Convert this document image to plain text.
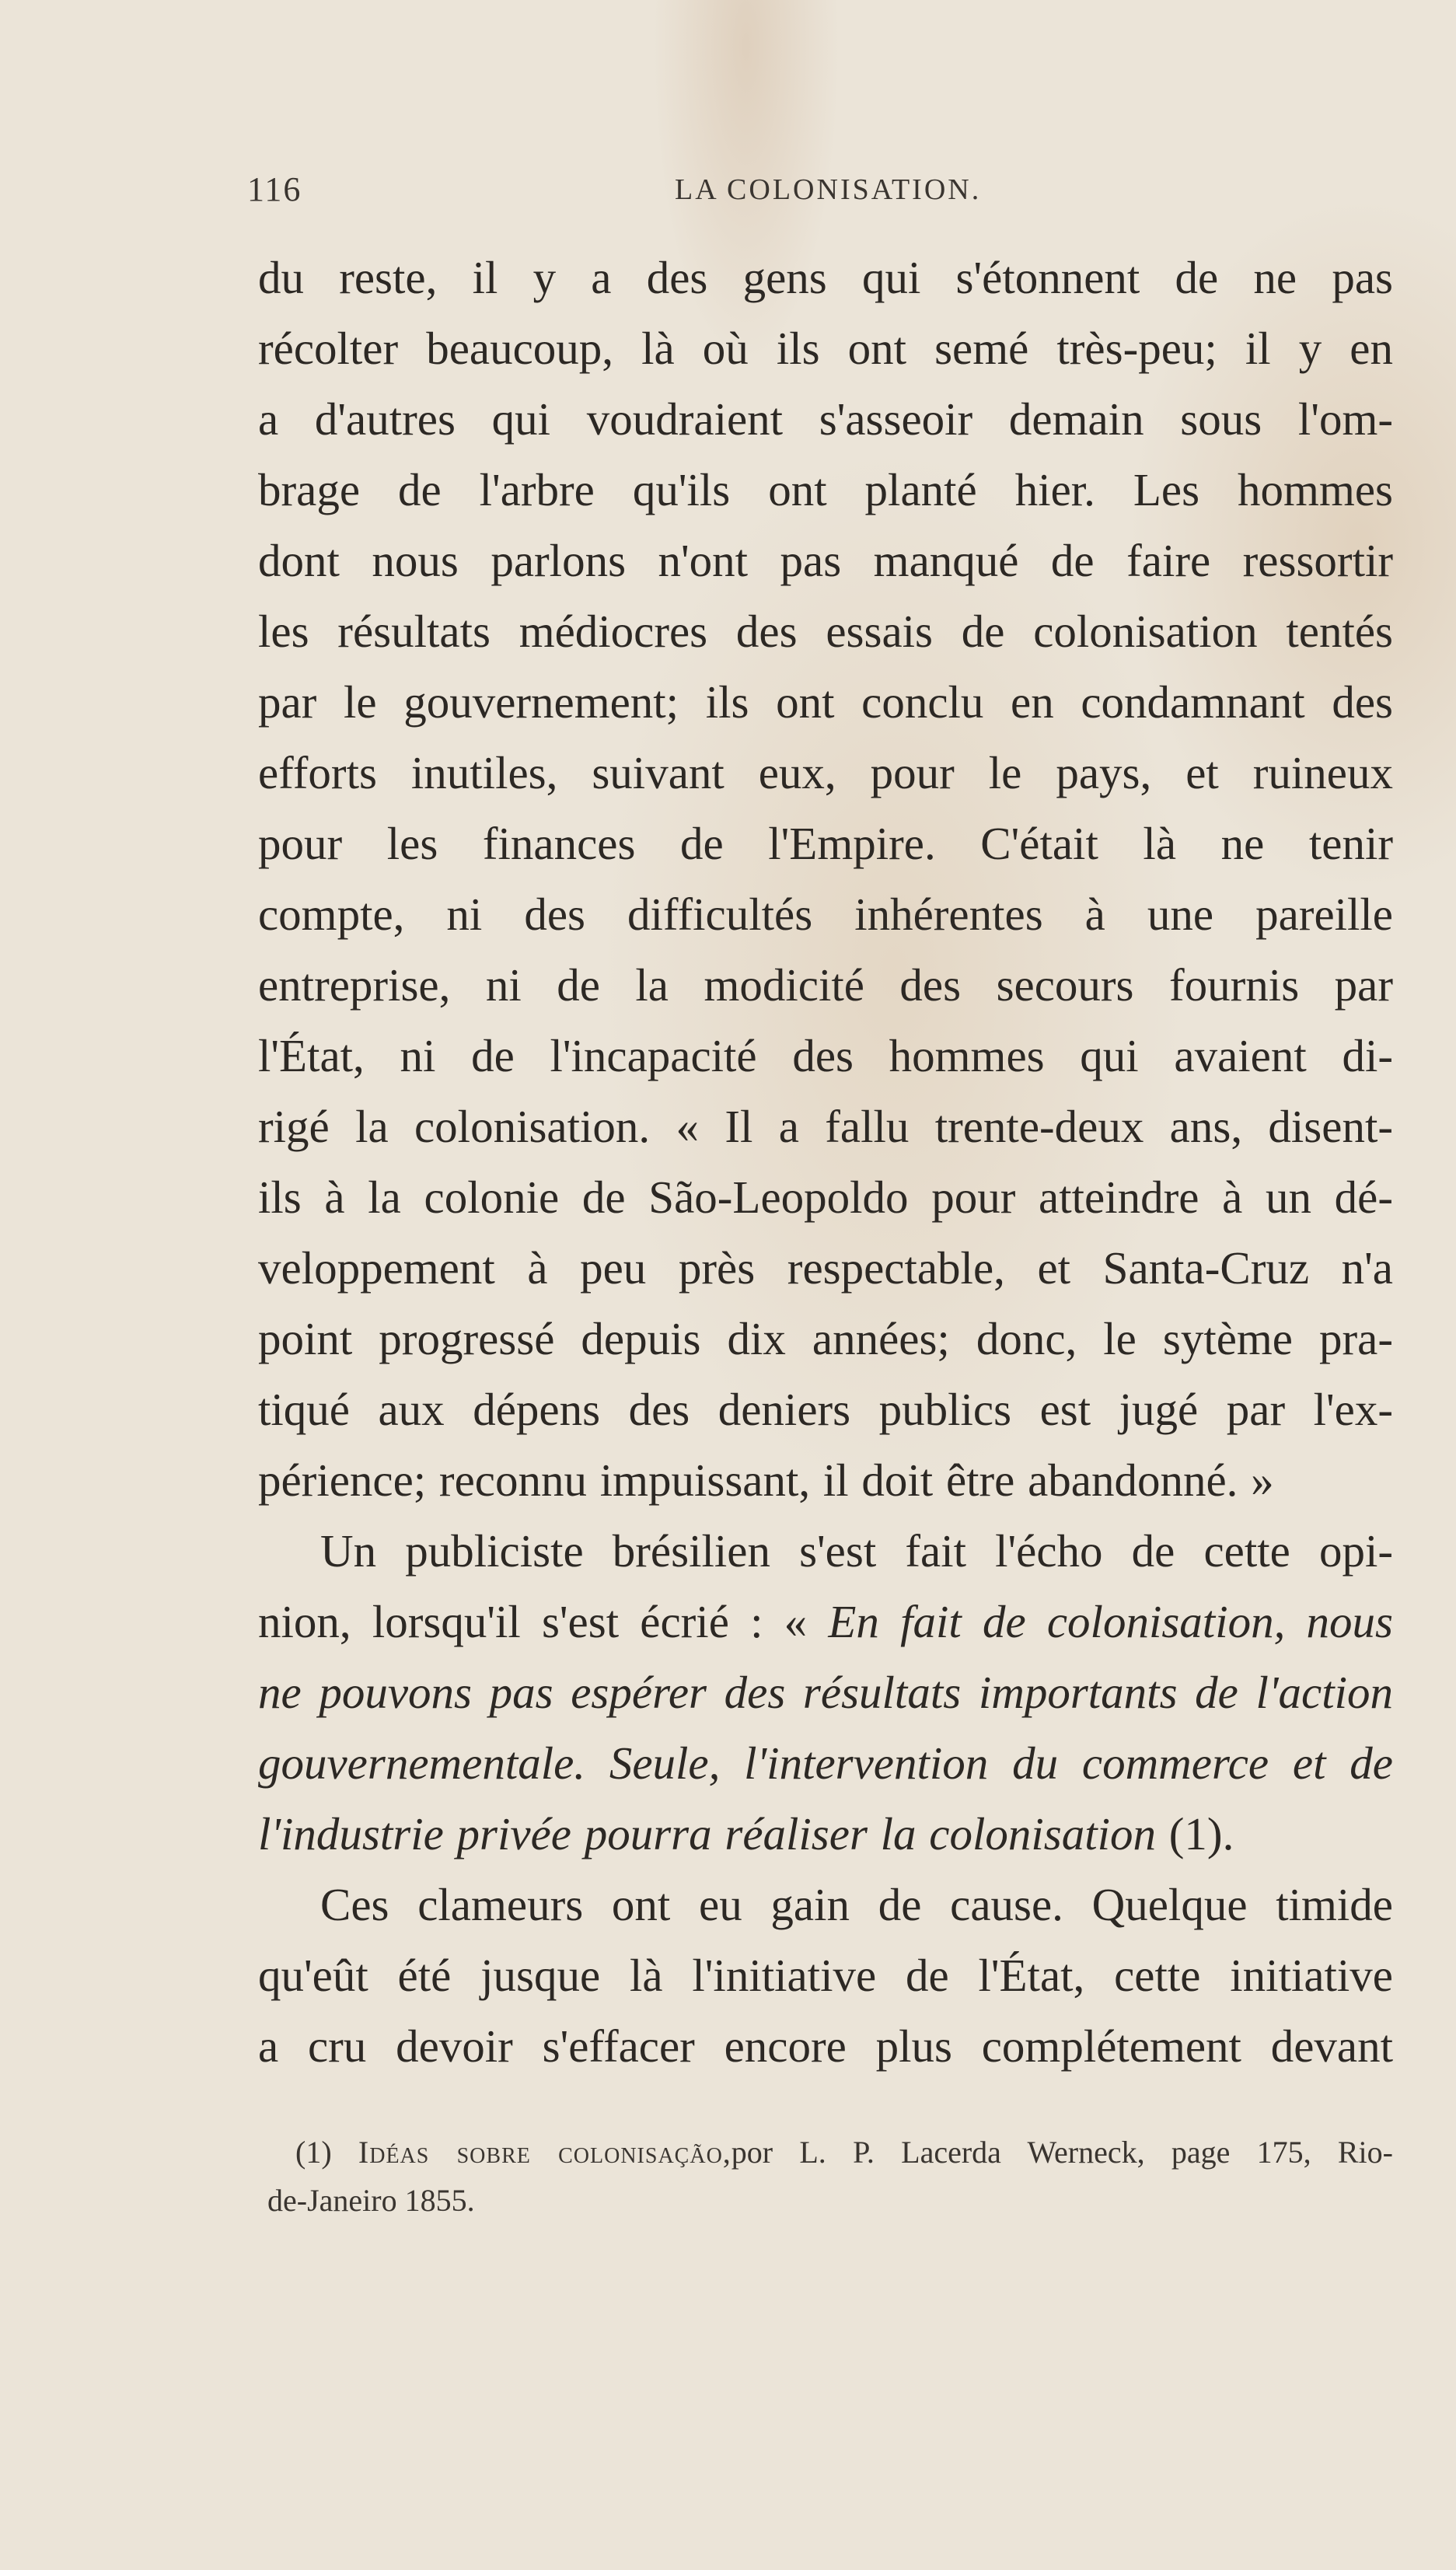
116	LA COLONISATION.
du reste, il y a des gens qui s'étonnent de ne pas
récolter beaucoup, là où ils ont semé très-peu; il y en
a d'autres qui voudraient s'asseoir demain sous l'om-
brage de l'arbre qu'ils ont planté hier. Les hommes
dont nous parlons n'ont pas manqué de faire ressortir
les résultats médiocres des essais de colonisation tentés
par le gouvernement; ils ont conclu en condamnant des
efforts inutiles, suivant eux, pour le pays, et ruineux
pour les finances de l'Empire. C'était là ne tenir
compte, ni des difficultés inhérentes à une pareille
entreprise, ni de la modicité des secours fournis par
l'État, ni de l'incapacité des hommes qui avaient di-
rigé la colonisation. « Il a fallu trente-deux ans, disent-
ils à la colonie de São-Leopoldo pour atteindre à un dé-
veloppement à peu près respectable, et Santa-Cruz n'a
point progressé depuis dix années; donc, le sytème pra-
tiqué aux dépens des deniers publics est jugé par l'ex-
périence; reconnu impuissant, il doit être abandonné. »
Un publiciste brésilien s'est fait l'écho de cette opi-
nion, lorsqu'il s'est écrié : « En fait de colonisation, nous
ne pouvons pas espérer des résultats importants de l'action
gouvernementale. Seule, l'intervention du commerce et de
l'industrie privée pourra réaliser la colonisation (1).
Ces clameurs ont eu gain de cause. Quelque timide
qu'eût été jusque là l'initiative de l'État, cette initiative
a cru devoir s'effacer encore plus complétement devant
(1) Idéas sobre colonisação,por L. P. Lacerda Werneck, page 175, Rio-
de-Janeiro 1855.
